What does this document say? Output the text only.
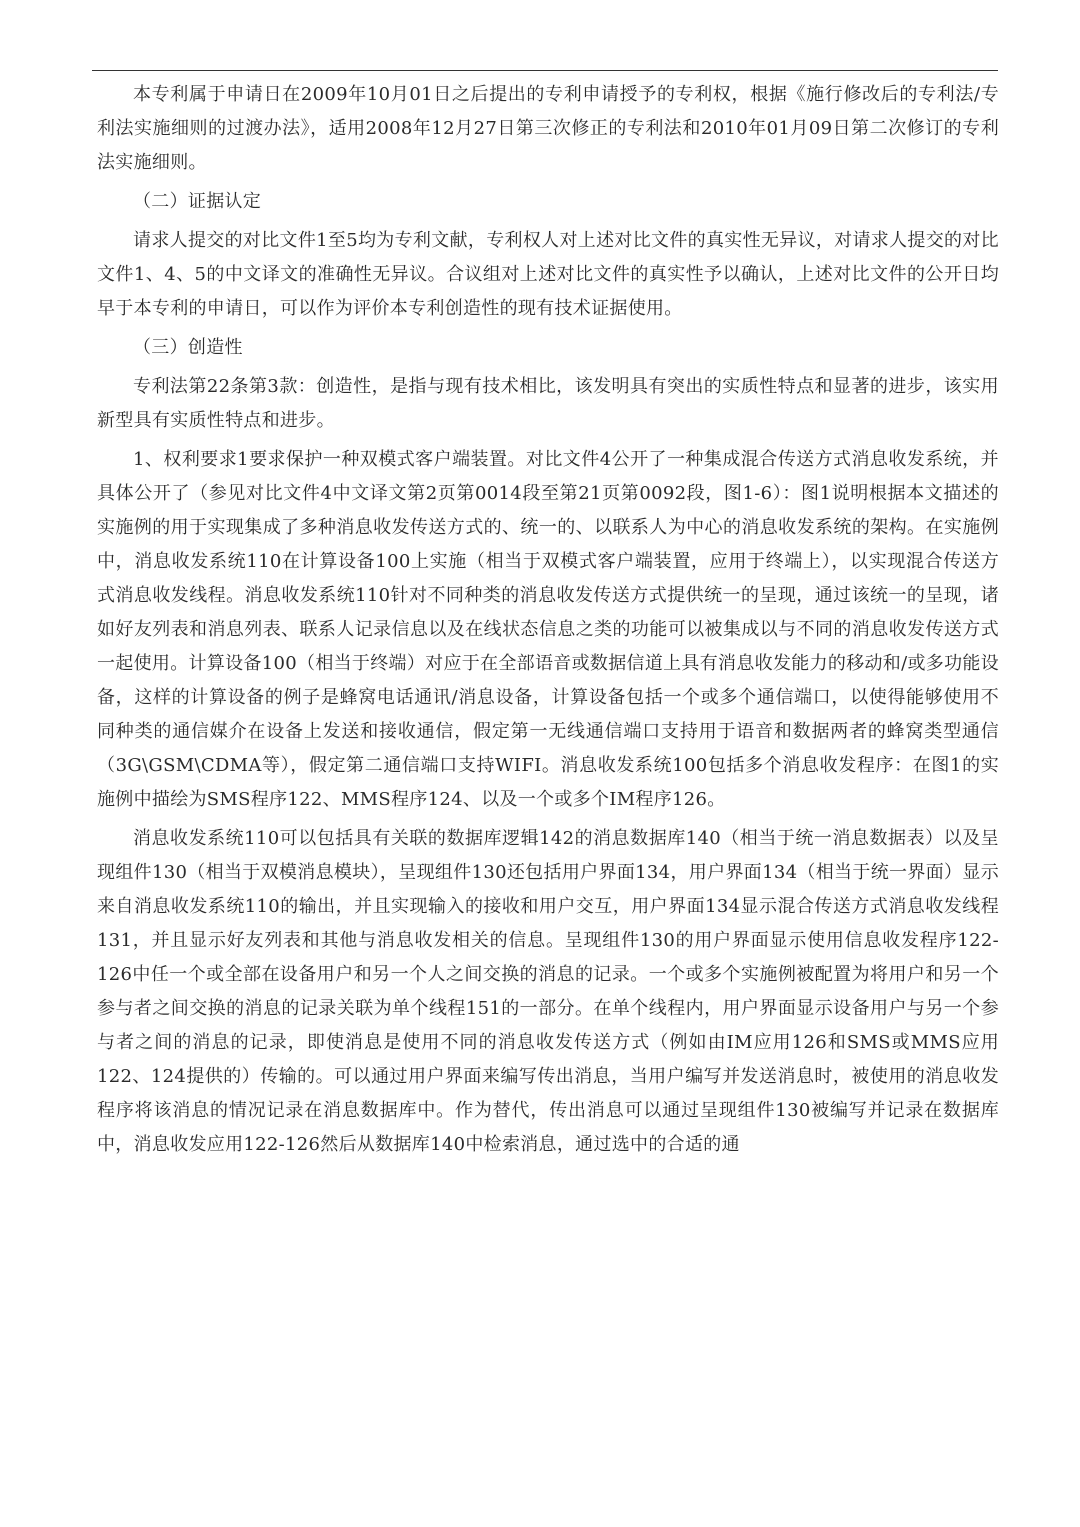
本专利属于申请日在2009年10月01日之后提出的专利申请授予的专利权，根据《施行修改后的专利法/专利法实施细则的过渡办法》，适用2008年12月27日第三次修正的专利法和2010年01月09日第二次修订的专利法实施细则。

（二）证据认定

请求人提交的对比文件1至5均为专利文献，专利权人对上述对比文件的真实性无异议，对请求人提交的对比文件1、4、5的中文译文的准确性无异议。合议组对上述对比文件的真实性予以确认，上述对比文件的公开日均早于本专利的申请日，可以作为评价本专利创造性的现有技术证据使用。

（三）创造性

专利法第22条第3款：创造性，是指与现有技术相比，该发明具有突出的实质性特点和显著的进步，该实用新型具有实质性特点和进步。

1、权利要求1要求保护一种双模式客户端装置。对比文件4公开了一种集成混合传送方式消息收发系统，并具体公开了（参见对比文件4中文译文第2页第0014段至第21页第0092段，图1-6）：图1说明根据本文描述的实施例的用于实现集成了多种消息收发传送方式的、统一的、以联系人为中心的消息收发系统的架构。在实施例中，消息收发系统110在计算设备100上实施（相当于双模式客户端装置，应用于终端上），以实现混合传送方式消息收发线程。消息收发系统110针对不同种类的消息收发传送方式提供统一的呈现，通过该统一的呈现，诸如好友列表和消息列表、联系人记录信息以及在线状态信息之类的功能可以被集成以与不同的消息收发传送方式一起使用。计算设备100（相当于终端）对应于在全部语音或数据信道上具有消息收发能力的移动和/或多功能设备，这样的计算设备的例子是蜂窝电话通讯/消息设备，计算设备包括一个或多个通信端口，以使得能够使用不同种类的通信媒介在设备上发送和接收通信，假定第一无线通信端口支持用于语音和数据两者的蜂窝类型通信（3G\GSM\CDMA等），假定第二通信端口支持WIFI。消息收发系统100包括多个消息收发程序：在图1的实施例中描绘为SMS程序122、MMS程序124、以及一个或多个IM程序126。

消息收发系统110可以包括具有关联的数据库逻辑142的消息数据库140（相当于统一消息数据表）以及呈现组件130（相当于双模消息模块），呈现组件130还包括用户界面134，用户界面134（相当于统一界面）显示来自消息收发系统110的输出，并且实现输入的接收和用户交互，用户界面134显示混合传送方式消息收发线程131，并且显示好友列表和其他与消息收发相关的信息。呈现组件130的用户界面显示使用信息收发程序122-126中任一个或全部在设备用户和另一个人之间交换的消息的记录。一个或多个实施例被配置为将用户和另一个参与者之间交换的消息的记录关联为单个线程151的一部分。在单个线程内，用户界面显示设备用户与另一个参与者之间的消息的记录，即使消息是使用不同的消息收发传送方式（例如由IM应用126和SMS或MMS应用122、124提供的）传输的。可以通过用户界面来编写传出消息，当用户编写并发送消息时，被使用的消息收发程序将该消息的情况记录在消息数据库中。作为替代，传出消息可以通过呈现组件130被编写并记录在数据库中，消息收发应用122-126然后从数据库140中检索消息，通过选中的合适的通
